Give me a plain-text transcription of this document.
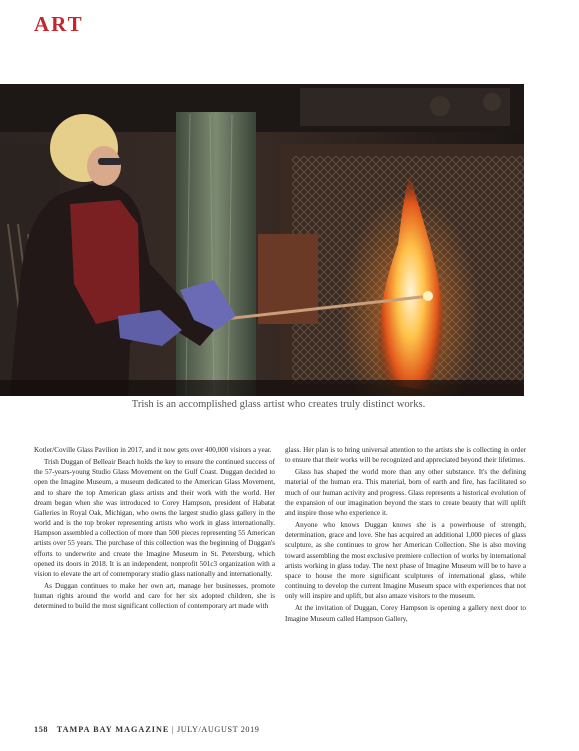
ART
Trish is an accomplished glass artist who creates truly distinct works.

Kotler/Coville Glass Pavilion in 2017, and it now gets over 400,000 visitors a year.

Trish Duggan of Belleair Beach holds the key to ensure the continued success of the 57-years-young Studio Glass Movement on the Gulf Coast. Duggan decided to open the Imagine Museum, a museum dedicated to the American Glass Movement, and to share the top American glass artists and their work with the world. Her dream began when she was introduced to Corey Hampson, president of Habatat Galleries in Royal Oak, Michigan, who owns the largest studio glass gallery in the world and is the top broker representing artists who work in glass internationally. Hampson assembled a collection of more than 500 pieces representing 55 American artists over 55 years. The purchase of this collection was the beginning of Duggan's efforts to underwrite and create the Imagine Museum in St. Petersburg, which opened its doors in 2018. It is an independent, nonprofit 501c3 organization with a vision to elevate the art of contemporary studio glass nationally and internationally.

As Duggan continues to make her own art, manage her businesses, promote human rights around the world and care for her six adopted children, she is determined to build the most significant collection of contemporary art made with

glass. Her plan is to bring universal attention to the artists she is collecting in order to ensure that their works will be recognized and appreciated beyond their lifetimes.

Glass has shaped the world more than any other substance. It's the defining material of the human era. This material, born of earth and fire, has facilitated so much of our human activity and progress. Glass represents a historical evolution of the expansion of our imagination beyond the stars to create beauty that will uplift and inspire those who experience it.

Anyone who knows Duggan knows she is a powerhouse of strength, determination, grace and love. She has acquired an additional 1,000 pieces of glass sculpture, as she continues to grow her American Collection. She is also moving toward assembling the most exclusive premiere collection of works by international artists working in glass today. The next phase of Imagine Museum will be to have a space to house the more significant sculptures of international glass, while continuing to develop the current Imagine Museum space with experiences that not only will inspire and uplift, but also amaze visitors to the museum.

At the invitation of Duggan, Corey Hampson is opening a gallery next door to Imagine Museum called Hampson Gallery,

158 TAMPA BAY MAGAZINE | JULY/AUGUST 2019
